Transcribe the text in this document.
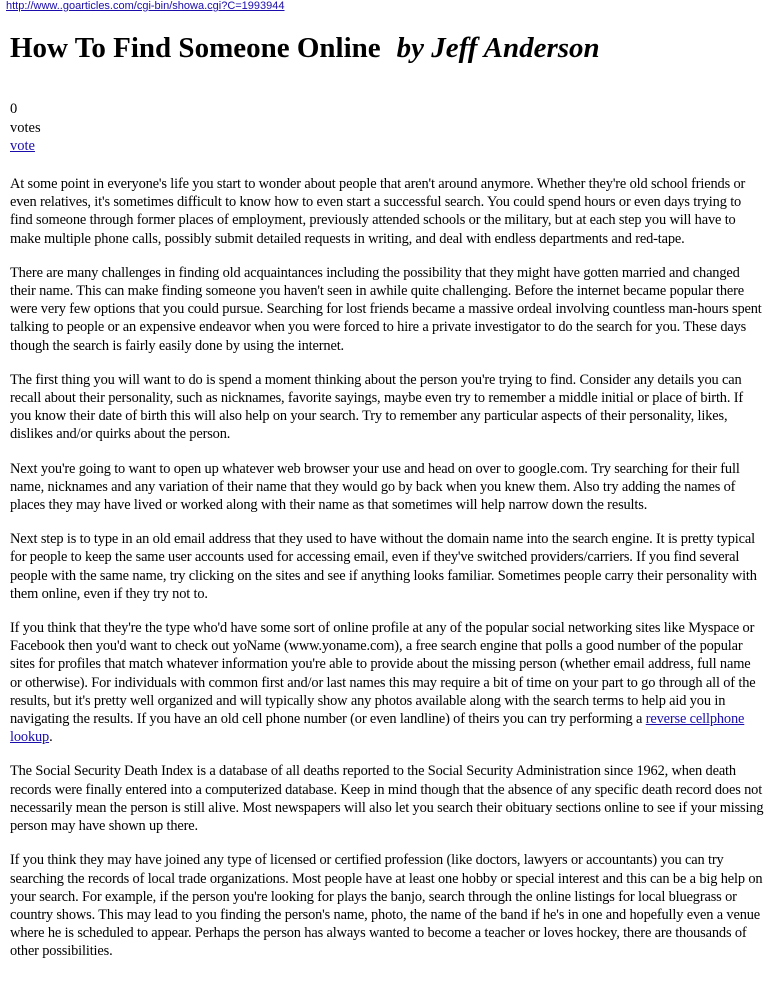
http://www..goarticles.com/cgi-bin/showa.cgi?C=1993944
How To Find Someone Online by Jeff Anderson
0
votes
vote

At some point in everyone's life you start to wonder about people that aren't around anymore. Whether they're old school friends or even relatives, it's sometimes difficult to know how to even start a successful search. You could spend hours or even days trying to find someone through former places of employment, previously attended schools or the military, but at each step you will have to make multiple phone calls, possibly submit detailed requests in writing, and deal with endless departments and red-tape.

There are many challenges in finding old acquaintances including the possibility that they might have gotten married and changed their name. This can make finding someone you haven't seen in awhile quite challenging. Before the internet became popular there were very few options that you could pursue. Searching for lost friends became a massive ordeal involving countless man-hours spent talking to people or an expensive endeavor when you were forced to hire a private investigator to do the search for you. These days though the search is fairly easily done by using the internet.

The first thing you will want to do is spend a moment thinking about the person you're trying to find. Consider any details you can recall about their personality, such as nicknames, favorite sayings, maybe even try to remember a middle initial or place of birth. If you know their date of birth this will also help on your search. Try to remember any particular aspects of their personality, likes, dislikes and/or quirks about the person.

Next you're going to want to open up whatever web browser your use and head on over to google.com. Try searching for their full name, nicknames and any variation of their name that they would go by back when you knew them. Also try adding the names of places they may have lived or worked along with their name as that sometimes will help narrow down the results.

Next step is to type in an old email address that they used to have without the domain name into the search engine. It is pretty typical for people to keep the same user accounts used for accessing email, even if they've switched providers/carriers. If you find several people with the same name, try clicking on the sites and see if anything looks familiar. Sometimes people carry their personality with them online, even if they try not to.

If you think that they're the type who'd have some sort of online profile at any of the popular social networking sites like Myspace or Facebook then you'd want to check out yoName (www.yoname.com), a free search engine that polls a good number of the popular sites for profiles that match whatever information you're able to provide about the missing person (whether email address, full name or otherwise). For individuals with common first and/or last names this may require a bit of time on your part to go through all of the results, but it's pretty well organized and will typically show any photos available along with the search terms to help aid you in navigating the results. If you have an old cell phone number (or even landline) of theirs you can try performing a reverse cellphone lookup.

The Social Security Death Index is a database of all deaths reported to the Social Security Administration since 1962, when death records were finally entered into a computerized database. Keep in mind though that the absence of any specific death record does not necessarily mean the person is still alive. Most newspapers will also let you search their obituary sections online to see if your missing person may have shown up there.

If you think they may have joined any type of licensed or certified profession (like doctors, lawyers or accountants) you can try searching the records of local trade organizations. Most people have at least one hobby or special interest and this can be a big help on your search. For example, if the person you're looking for plays the banjo, search through the online listings for local bluegrass or country shows. This may lead to you finding the person's name, photo, the name of the band if he's in one and hopefully even a venue where he is scheduled to appear. Perhaps the person has always wanted to become a teacher or loves hockey, there are thousands of other possibilities.
